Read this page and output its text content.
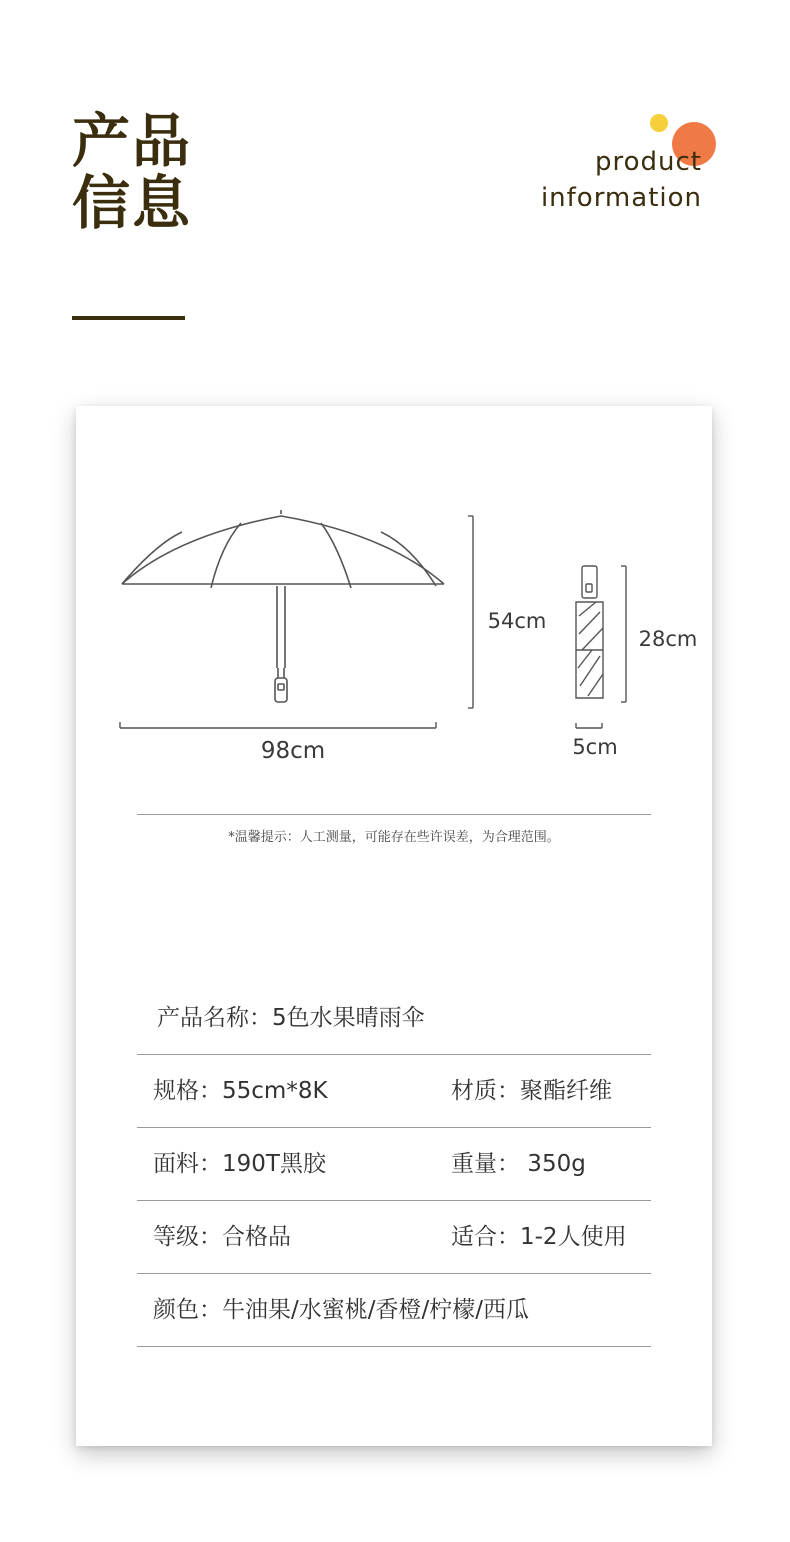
产品
信息
product
information
98cm
54cm
28cm
5cm
*温馨提示：人工测量，可能存在些许误差，为合理范围。
产品名称：5色水果晴雨伞
规格：55cm*8K	材质：聚酯纤维
面料：190T黑胶	重量： 350g
等级：合格品	适合：1-2人使用
颜色：牛油果/水蜜桃/香橙/柠檬/西瓜
